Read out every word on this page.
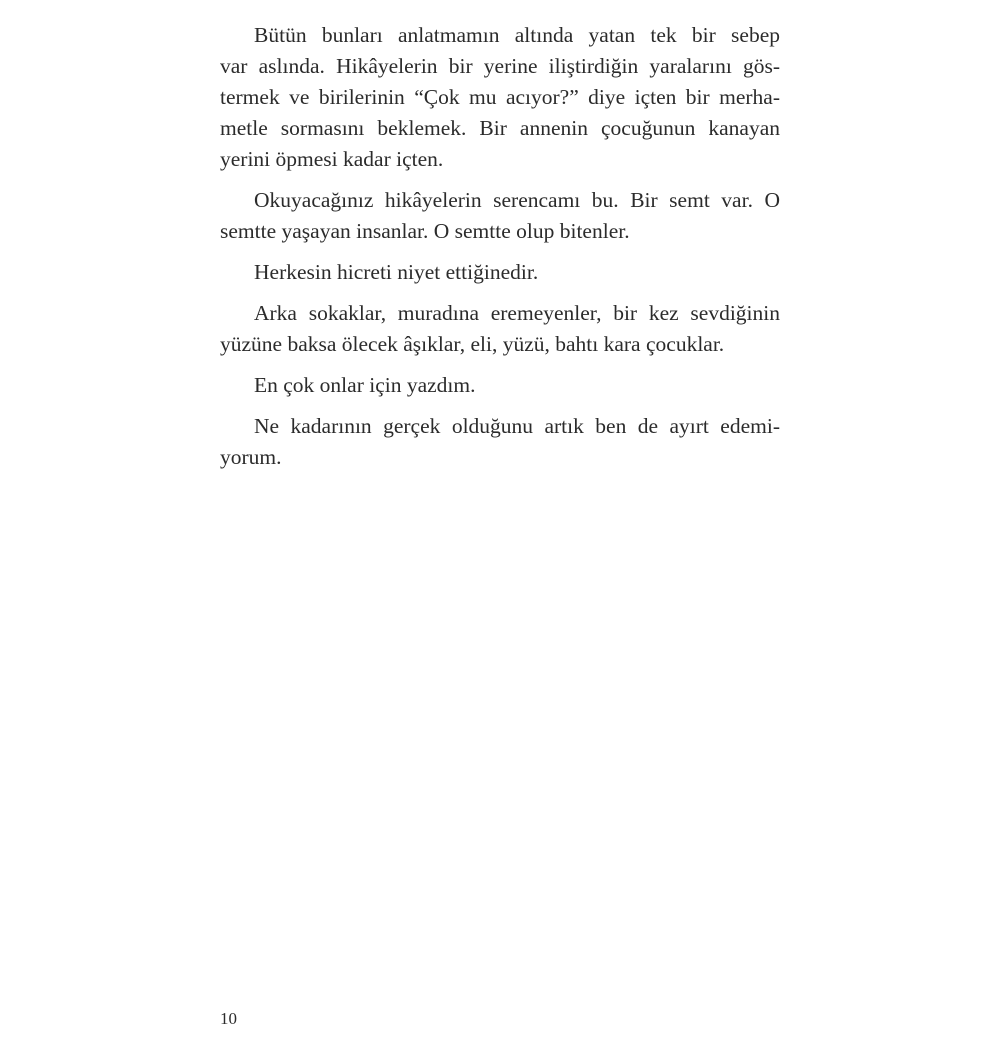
Bütün bunları anlatmamın altında yatan tek bir sebep
var aslında. Hikâyelerin bir yerine iliştirdiğin yaralarını gös-
termek ve birilerinin “Çok mu acıyor?” diye içten bir merha-
metle sormasını beklemek. Bir annenin çocuğunun kanayan
yerini öpmesi kadar içten.

Okuyacağınız hikâyelerin serencamı bu. Bir semt var. O
semtte yaşayan insanlar. O semtte olup bitenler.

Herkesin hicreti niyet ettiğinedir.

Arka sokaklar, muradına eremeyenler, bir kez sevdiğinin
yüzüne baksa ölecek âşıklar, eli, yüzü, bahtı kara çocuklar.

En çok onlar için yazdım.

Ne kadarının gerçek olduğunu artık ben de ayırt edemi-
yorum.

10
